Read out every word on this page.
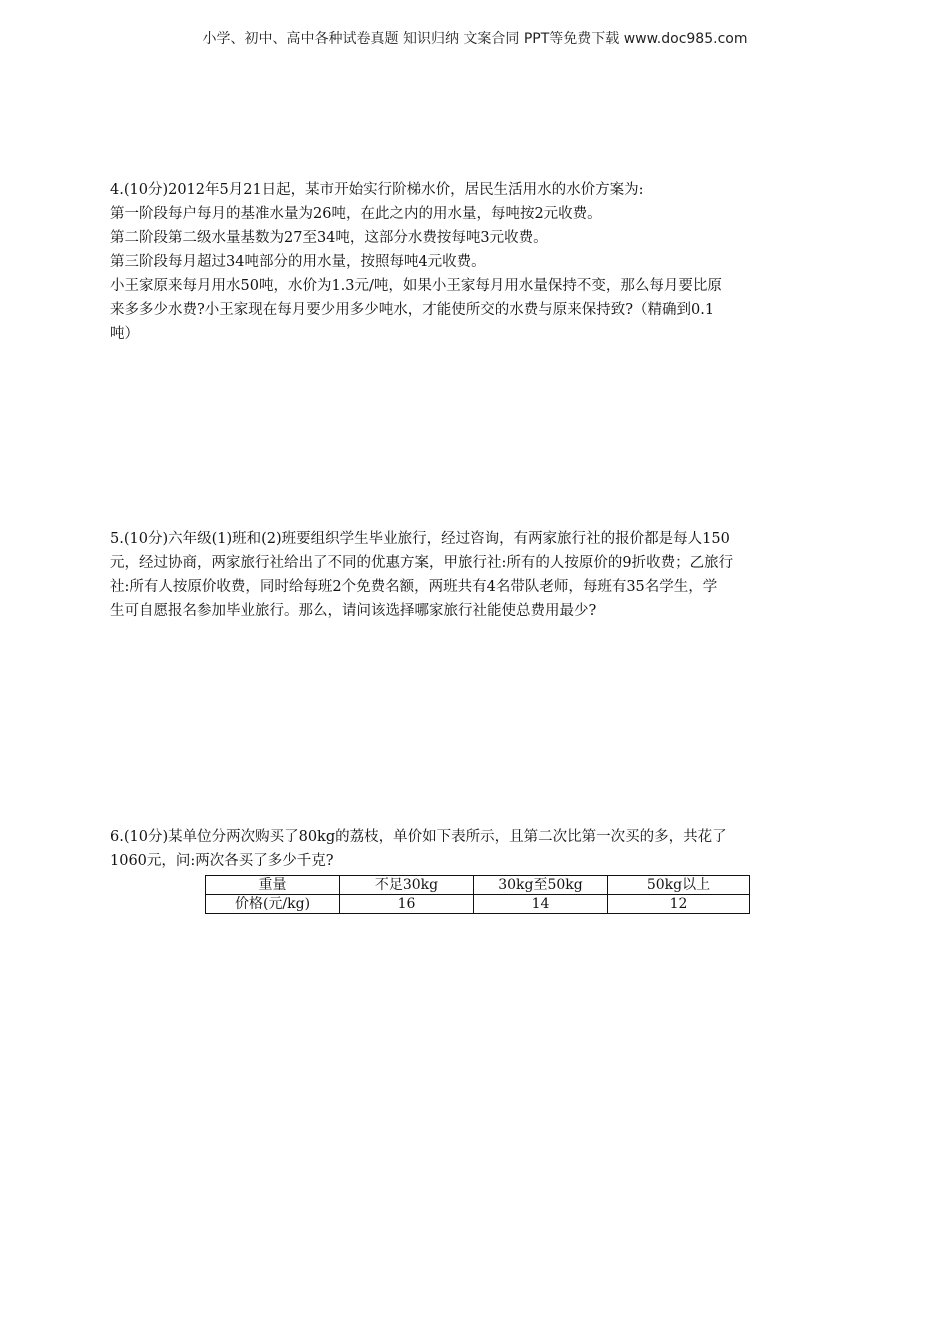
小学、初中、高中各种试卷真题 知识归纳 文案合同 PPT等免费下载 www.doc985.com

4.(10分)2012年5月21日起，某市开始实行阶梯水价，居民生活用水的水价方案为:

第一阶段每户每月的基准水量为26吨，在此之内的用水量，每吨按2元收费。

第二阶段第二级水量基数为27至34吨，这部分水费按每吨3元收费。

第三阶段每月超过34吨部分的用水量，按照每吨4元收费。

小王家原来每月用水50吨，水价为1.3元/吨，如果小王家每月用水量保持不变，那么每月要比原

来多多少水费?小王家现在每月要少用多少吨水，才能使所交的水费与原来保持致?（精确到0.1

吨）

5.(10分)六年级(1)班和(2)班要组织学生毕业旅行，经过咨询，有两家旅行社的报价都是每人150

元，经过协商，两家旅行社给出了不同的优惠方案，甲旅行社:所有的人按原价的9折收费；乙旅行

社:所有人按原价收费，同时给每班2个免费名额，两班共有4名带队老师，每班有35名学生，学

生可自愿报名参加毕业旅行。那么，请问该选择哪家旅行社能使总费用最少?

6.(10分)某单位分两次购买了80kg的荔枝，单价如下表所示，且第二次比第一次买的多，共花了

1060元，问:两次各买了多少千克?

重量	不足30kg	30kg至50kg	50kg以上
价格(元/kg)	16	14	12
